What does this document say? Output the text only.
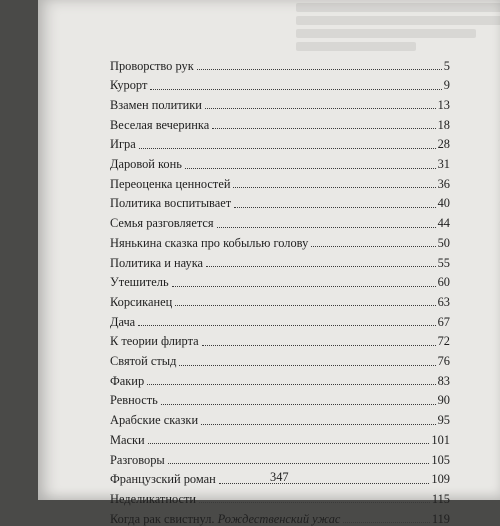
Проворство рук	5
Курорт	9
Взамен политики	13
Веселая вечеринка	18
Игра	28
Даровой конь	31
Переоценка ценностей	36
Политика воспитывает	40
Семья разговляется	44
Нянькина сказка про кобылью голову	50
Политика и наука	55
Утешитель	60
Корсиканец	63
Дача	67
К теории флирта	72
Святой стыд	76
Факир	83
Ревность	90
Арабские сказки	95
Маски	101
Разговоры	105
Французский роман	109
Неделикатности	115
Когда рак свистнул. Рождественский ужас	119
347
